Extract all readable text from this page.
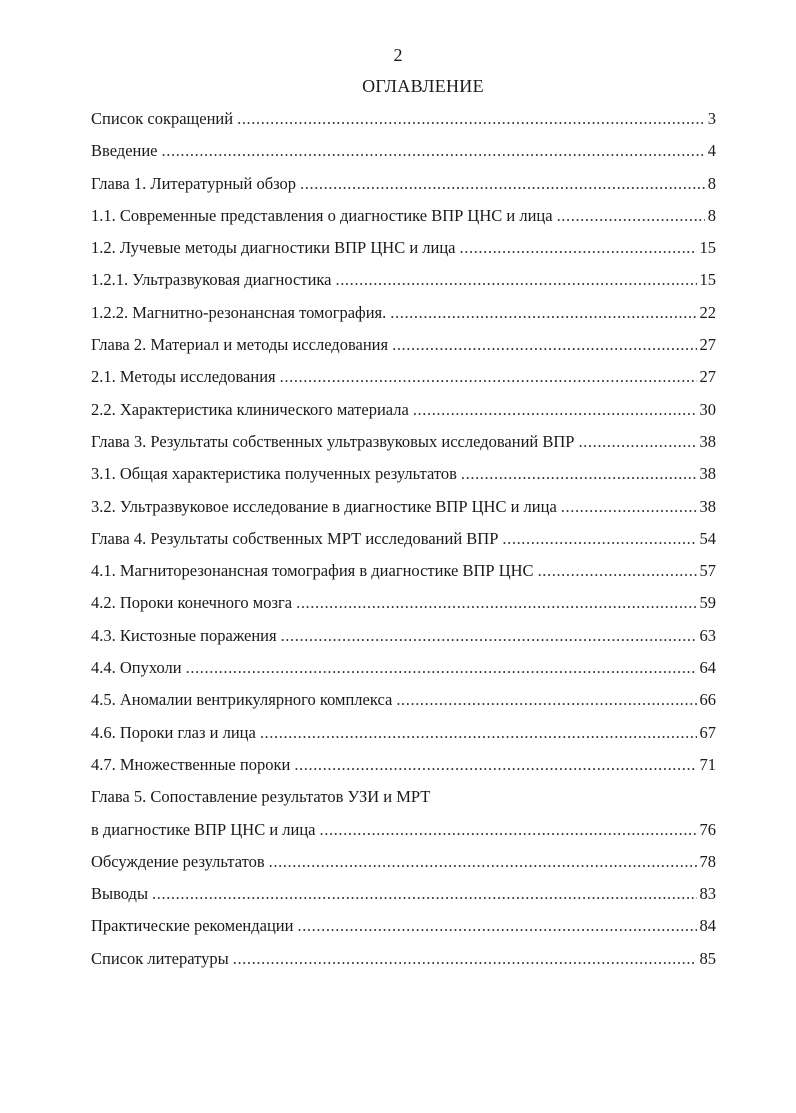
2
ОГЛАВЛЕНИЕ
Список сокращений .....	3
Введение .....	4
Глава 1. Литературный обзор .....	8
1.1. Современные представления о диагностике ВПР ЦНС и лица .....	8
1.2. Лучевые методы диагностики ВПР ЦНС и лица .....	15
1.2.1. Ультразвуковая диагностика .....	15
1.2.2. Магнитно-резонансная томография. .....	22
Глава 2. Материал и методы исследования .....	27
2.1. Методы исследования .....	27
2.2. Характеристика клинического материала .....	30
Глава 3. Результаты собственных ультразвуковых исследований ВПР .....	38
3.1. Общая характеристика полученных результатов .....	38
3.2. Ультразвуковое исследование в диагностике ВПР ЦНС и лица .....	38
Глава 4. Результаты собственных МРТ исследований ВПР .....	54
4.1. Магниторезонансная томография в диагностике ВПР ЦНС .....	57
4.2. Пороки конечного мозга .....	59
4.3. Кистозные поражения .....	63
4.4. Опухоли .....	64
4.5. Аномалии вентрикулярного комплекса .....	66
4.6. Пороки глаз и лица .....	67
4.7. Множественные пороки .....	71
Глава 5. Сопоставление результатов УЗИ и МРТ
в диагностике ВПР ЦНС и лица .....	76
Обсуждение результатов .....	78
Выводы .....	83
Практические рекомендации .....	84
Список литературы .....	85
